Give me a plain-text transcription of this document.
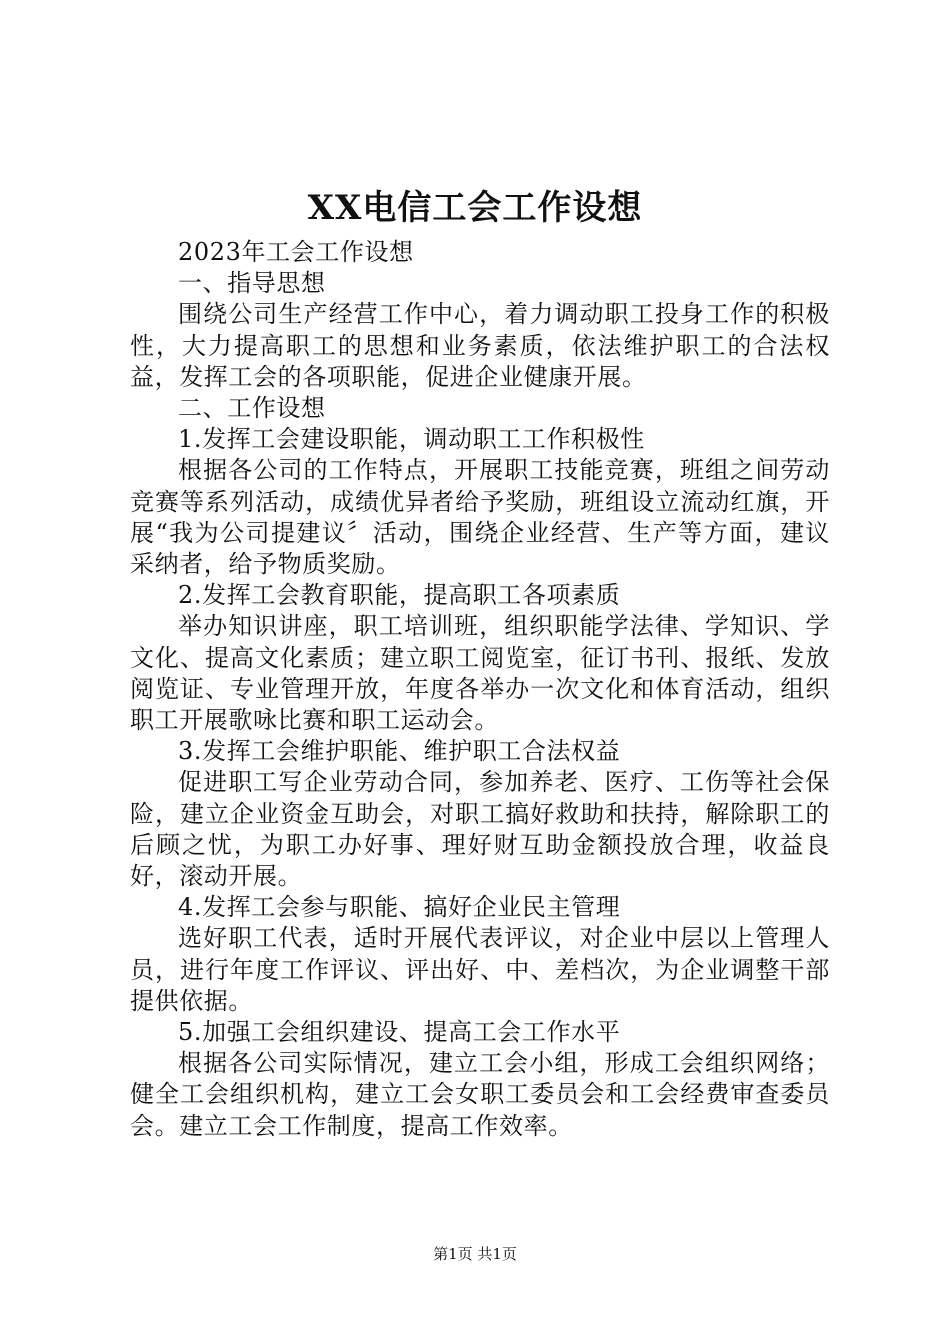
XX电信工会工作设想

2023年工会工作设想

一、指导思想

围绕公司生产经营工作中心，着力调动职工投身工作的积极性，大力提高职工的思想和业务素质，依法维护职工的合法权益，发挥工会的各项职能，促进企业健康开展。

二、工作设想

1.发挥工会建设职能，调动职工工作积极性

根据各公司的工作特点，开展职工技能竞赛，班组之间劳动竞赛等系列活动，成绩优异者给予奖励，班组设立流动红旗，开展“我为公司提建议〞活动，围绕企业经营、生产等方面，建议采纳者，给予物质奖励。

2.发挥工会教育职能，提高职工各项素质

举办知识讲座，职工培训班，组织职能学法律、学知识、学文化、提高文化素质；建立职工阅览室，征订书刊、报纸、发放阅览证、专业管理开放，年度各举办一次文化和体育活动，组织职工开展歌咏比赛和职工运动会。

3.发挥工会维护职能、维护职工合法权益

促进职工写企业劳动合同，参加养老、医疗、工伤等社会保险，建立企业资金互助会，对职工搞好救助和扶持，解除职工的后顾之忧，为职工办好事、理好财互助金额投放合理，收益良好，滚动开展。

4.发挥工会参与职能、搞好企业民主管理

选好职工代表，适时开展代表评议，对企业中层以上管理人员，进行年度工作评议、评出好、中、差档次，为企业调整干部提供依据。

5.加强工会组织建设、提高工会工作水平

根据各公司实际情况，建立工会小组，形成工会组织网络；健全工会组织机构，建立工会女职工委员会和工会经费审查委员会。建立工会工作制度，提高工作效率。

第1页 共1页
